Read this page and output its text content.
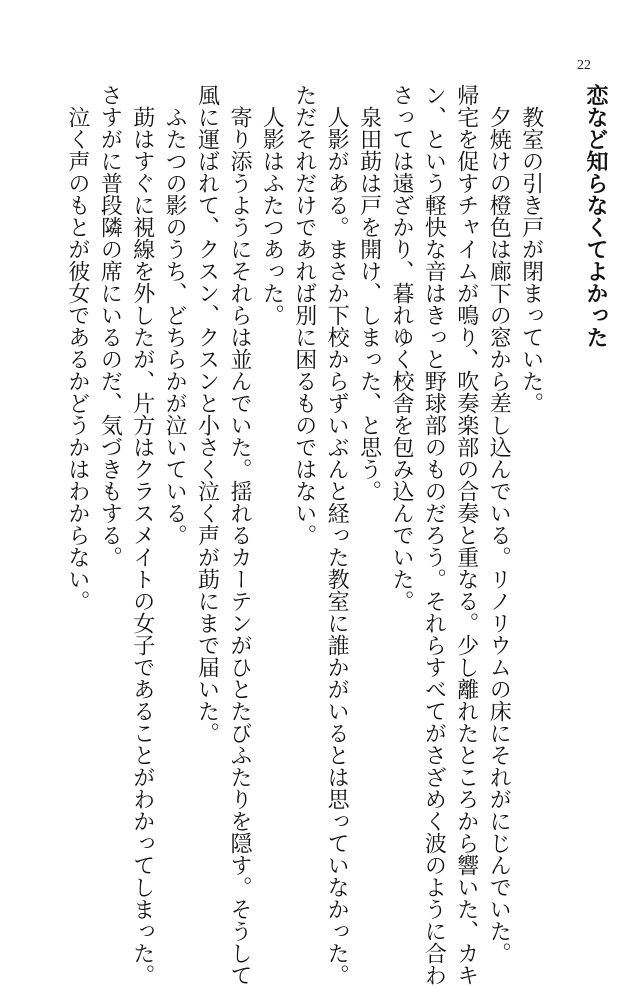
22
恋など知らなくてよかった

教室の引き戸が閉まっていた。

夕焼けの橙色は廊下の窓から差し込んでいる。リノリウムの床にそれがにじんでいた。

帰宅を促すチャイムが鳴り、吹奏楽部の合奏と重なる。少し離れたところから響いた、カキ

ン、という軽快な音はきっと野球部のものだろう。それらすべてがさざめく波のように合わ

さっては遠ざかり、暮れゆく校舎を包み込んでいた。

泉田莇は戸を開け、しまった、と思う。

人影がある。まさか下校からずいぶんと経った教室に誰かがいるとは思っていなかった。

ただそれだけであれば別に困るものではない。

人影はふたつあった。

寄り添うようにそれらは並んでいた。揺れるカーテンがひとたびふたりを隠す。そうして

風に運ばれて、クスン、クスンと小さく泣く声が莇にまで届いた。

ふたつの影のうち、どちらかが泣いている。

莇はすぐに視線を外したが、片方はクラスメイトの女子であることがわかってしまった。

さすがに普段隣の席にいるのだ、気づきもする。

泣く声のもとが彼女であるかどうかはわからない。
